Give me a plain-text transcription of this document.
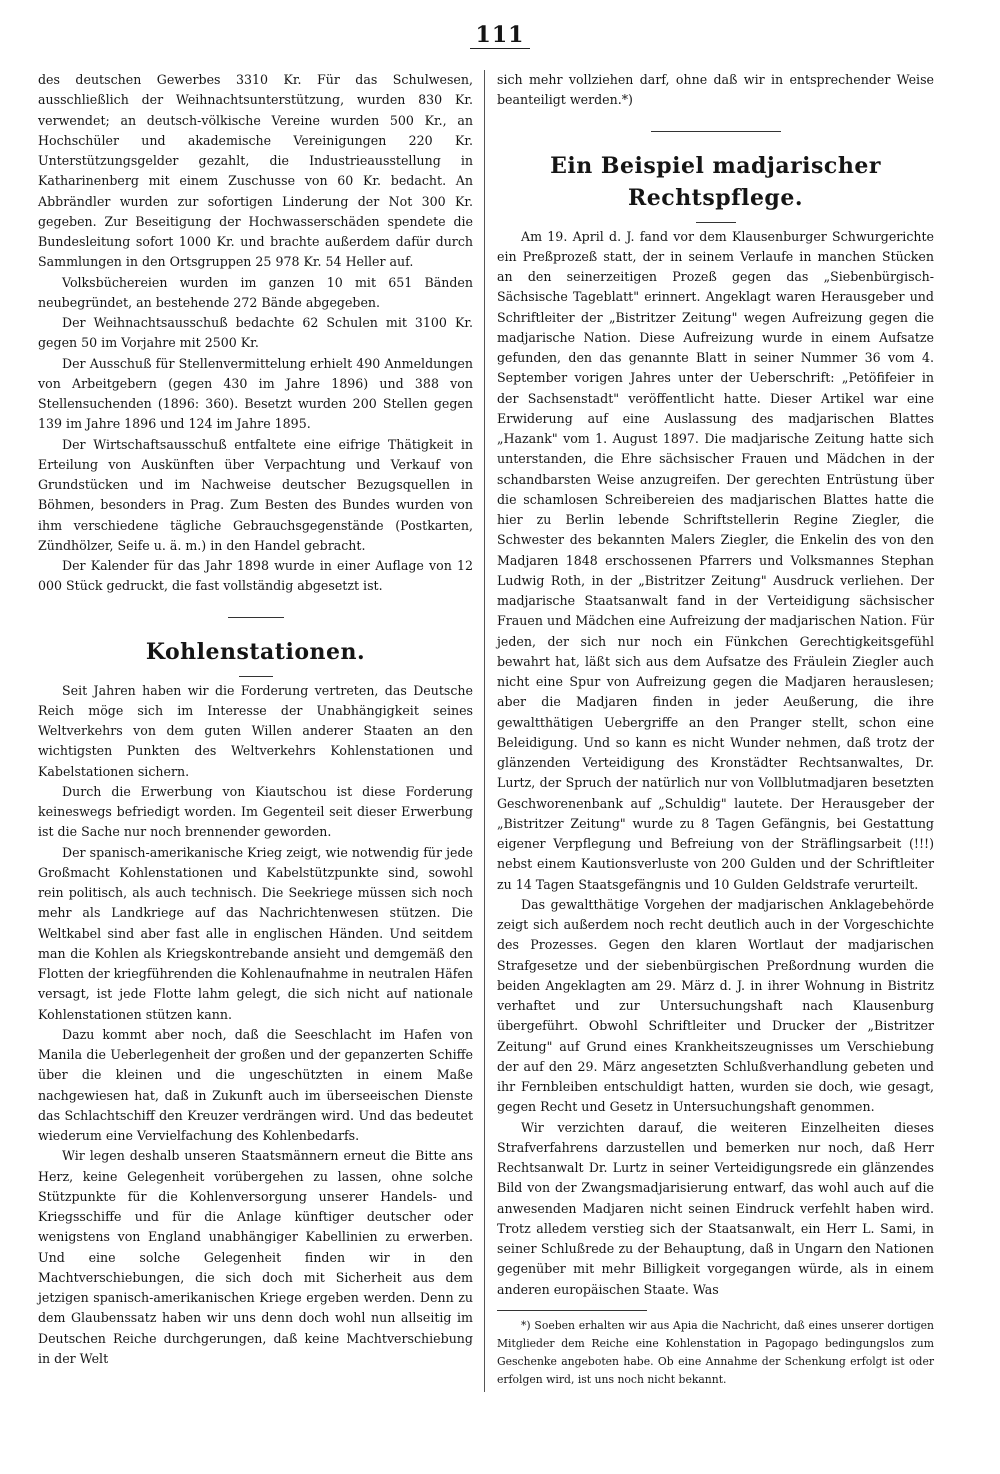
111

des deutschen Gewerbes 3310 Kr. Für das Schulwesen, ausschließlich der Weihnachtsunterstützung, wurden 830 Kr. verwendet; an deutsch-völkische Vereine wurden 500 Kr., an Hochschüler und akademische Vereinigungen 220 Kr. Unterstützungsgelder gezahlt, die Industrieausstellung in Katharinenberg mit einem Zuschusse von 60 Kr. bedacht. An Abbrändler wurden zur sofortigen Linderung der Not 300 Kr. gegeben. Zur Beseitigung der Hochwasserschäden spendete die Bundesleitung sofort 1000 Kr. und brachte außerdem dafür durch Sammlungen in den Ortsgruppen 25 978 Kr. 54 Heller auf.

Volksbüchereien wurden im ganzen 10 mit 651 Bänden neubegründet, an bestehende 272 Bände abgegeben.

Der Weihnachtsausschuß bedachte 62 Schulen mit 3100 Kr. gegen 50 im Vorjahre mit 2500 Kr.

Der Ausschuß für Stellenvermittelung erhielt 490 Anmeldungen von Arbeitgebern (gegen 430 im Jahre 1896) und 388 von Stellensuchenden (1896: 360). Besetzt wurden 200 Stellen gegen 139 im Jahre 1896 und 124 im Jahre 1895.

Der Wirtschaftsausschuß entfaltete eine eifrige Thätigkeit in Erteilung von Auskünften über Verpachtung und Verkauf von Grundstücken und im Nachweise deutscher Bezugsquellen in Böhmen, besonders in Prag. Zum Besten des Bundes wurden von ihm verschiedene tägliche Gebrauchsgegenstände (Postkarten, Zündhölzer, Seife u. ä. m.) in den Handel gebracht.

Der Kalender für das Jahr 1898 wurde in einer Auflage von 12 000 Stück gedruckt, die fast vollständig abgesetzt ist.

Kohlenstationen.

Seit Jahren haben wir die Forderung vertreten, das Deutsche Reich möge sich im Interesse der Unabhängigkeit seines Weltverkehrs von dem guten Willen anderer Staaten an den wichtigsten Punkten des Weltverkehrs Kohlenstationen und Kabelstationen sichern.

Durch die Erwerbung von Kiautschou ist diese Forderung keineswegs befriedigt worden. Im Gegenteil seit dieser Erwerbung ist die Sache nur noch brennender geworden.

Der spanisch-amerikanische Krieg zeigt, wie notwendig für jede Großmacht Kohlenstationen und Kabelstützpunkte sind, sowohl rein politisch, als auch technisch. Die Seekriege müssen sich noch mehr als Landkriege auf das Nachrichtenwesen stützen. Die Weltkabel sind aber fast alle in englischen Händen. Und seitdem man die Kohlen als Kriegskontrebande ansieht und demgemäß den Flotten der kriegführenden die Kohlenaufnahme in neutralen Häfen versagt, ist jede Flotte lahm gelegt, die sich nicht auf nationale Kohlenstationen stützen kann.

Dazu kommt aber noch, daß die Seeschlacht im Hafen von Manila die Ueberlegenheit der großen und der gepanzerten Schiffe über die kleinen und die ungeschützten in einem Maße nachgewiesen hat, daß in Zukunft auch im überseeischen Dienste das Schlachtschiff den Kreuzer verdrängen wird. Und das bedeutet wiederum eine Vervielfachung des Kohlenbedarfs.

Wir legen deshalb unseren Staatsmännern erneut die Bitte ans Herz, keine Gelegenheit vorübergehen zu lassen, ohne solche Stützpunkte für die Kohlenversorgung unserer Handels- und Kriegsschiffe und für die Anlage künftiger deutscher oder wenigstens von England unabhängiger Kabellinien zu erwerben. Und eine solche Gelegenheit finden wir in den Machtverschiebungen, die sich doch mit Sicherheit aus dem jetzigen spanisch-amerikanischen Kriege ergeben werden. Denn zu dem Glaubenssatz haben wir uns denn doch wohl nun allseitig im Deutschen Reiche durchgerungen, daß keine Machtverschiebung in der Welt

sich mehr vollziehen darf, ohne daß wir in entsprechender Weise beanteiligt werden.*)

Ein Beispiel madjarischer Rechtspflege.

Am 19. April d. J. fand vor dem Klausenburger Schwurgerichte ein Preßprozeß statt, der in seinem Verlaufe in manchen Stücken an den seinerzeitigen Prozeß gegen das „Siebenbürgisch-Sächsische Tageblatt" erinnert. Angeklagt waren Herausgeber und Schriftleiter der „Bistritzer Zeitung" wegen Aufreizung gegen die madjarische Nation. Diese Aufreizung wurde in einem Aufsatze gefunden, den das genannte Blatt in seiner Nummer 36 vom 4. September vorigen Jahres unter der Ueberschrift: „Petöfifeier in der Sachsenstadt" veröffentlicht hatte. Dieser Artikel war eine Erwiderung auf eine Auslassung des madjarischen Blattes „Hazank" vom 1. August 1897. Die madjarische Zeitung hatte sich unterstanden, die Ehre sächsischer Frauen und Mädchen in der schandbarsten Weise anzugreifen. Der gerechten Entrüstung über die schamlosen Schreibereien des madjarischen Blattes hatte die hier zu Berlin lebende Schriftstellerin Regine Ziegler, die Schwester des bekannten Malers Ziegler, die Enkelin des von den Madjaren 1848 erschossenen Pfarrers und Volksmannes Stephan Ludwig Roth, in der „Bistritzer Zeitung" Ausdruck verliehen. Der madjarische Staatsanwalt fand in der Verteidigung sächsischer Frauen und Mädchen eine Aufreizung der madjarischen Nation. Für jeden, der sich nur noch ein Fünkchen Gerechtigkeitsgefühl bewahrt hat, läßt sich aus dem Aufsatze des Fräulein Ziegler auch nicht eine Spur von Aufreizung gegen die Madjaren herauslesen; aber die Madjaren finden in jeder Aeußerung, die ihre gewaltthätigen Uebergriffe an den Pranger stellt, schon eine Beleidigung. Und so kann es nicht Wunder nehmen, daß trotz der glänzenden Verteidigung des Kronstädter Rechtsanwaltes, Dr. Lurtz, der Spruch der natürlich nur von Vollblutmadjaren besetzten Geschworenenbank auf „Schuldig" lautete. Der Herausgeber der „Bistritzer Zeitung" wurde zu 8 Tagen Gefängnis, bei Gestattung eigener Verpflegung und Befreiung von der Sträflingsarbeit (!!!) nebst einem Kautionsverluste von 200 Gulden und der Schriftleiter zu 14 Tagen Staatsgefängnis und 10 Gulden Geldstrafe verurteilt.

Das gewaltthätige Vorgehen der madjarischen Anklagebehörde zeigt sich außerdem noch recht deutlich auch in der Vorgeschichte des Prozesses. Gegen den klaren Wortlaut der madjarischen Strafgesetze und der siebenbürgischen Preßordnung wurden die beiden Angeklagten am 29. März d. J. in ihrer Wohnung in Bistritz verhaftet und zur Untersuchungshaft nach Klausenburg übergeführt. Obwohl Schriftleiter und Drucker der „Bistritzer Zeitung" auf Grund eines Krankheitszeugnisses um Verschiebung der auf den 29. März angesetzten Schlußverhandlung gebeten und ihr Fernbleiben entschuldigt hatten, wurden sie doch, wie gesagt, gegen Recht und Gesetz in Untersuchungshaft genommen.

Wir verzichten darauf, die weiteren Einzelheiten dieses Strafverfahrens darzustellen und bemerken nur noch, daß Herr Rechtsanwalt Dr. Lurtz in seiner Verteidigungsrede ein glänzendes Bild von der Zwangsmadjarisierung entwarf, das wohl auch auf die anwesenden Madjaren nicht seinen Eindruck verfehlt haben wird. Trotz alledem verstieg sich der Staatsanwalt, ein Herr L. Sami, in seiner Schlußrede zu der Behauptung, daß in Ungarn den Nationen gegenüber mit mehr Billigkeit vorgegangen würde, als in einem anderen europäischen Staate. Was

*) Soeben erhalten wir aus Apia die Nachricht, daß eines unserer dortigen Mitglieder dem Reiche eine Kohlenstation in Pagopago bedingungslos zum Geschenke angeboten habe. Ob eine Annahme der Schenkung erfolgt ist oder erfolgen wird, ist uns noch nicht bekannt.
